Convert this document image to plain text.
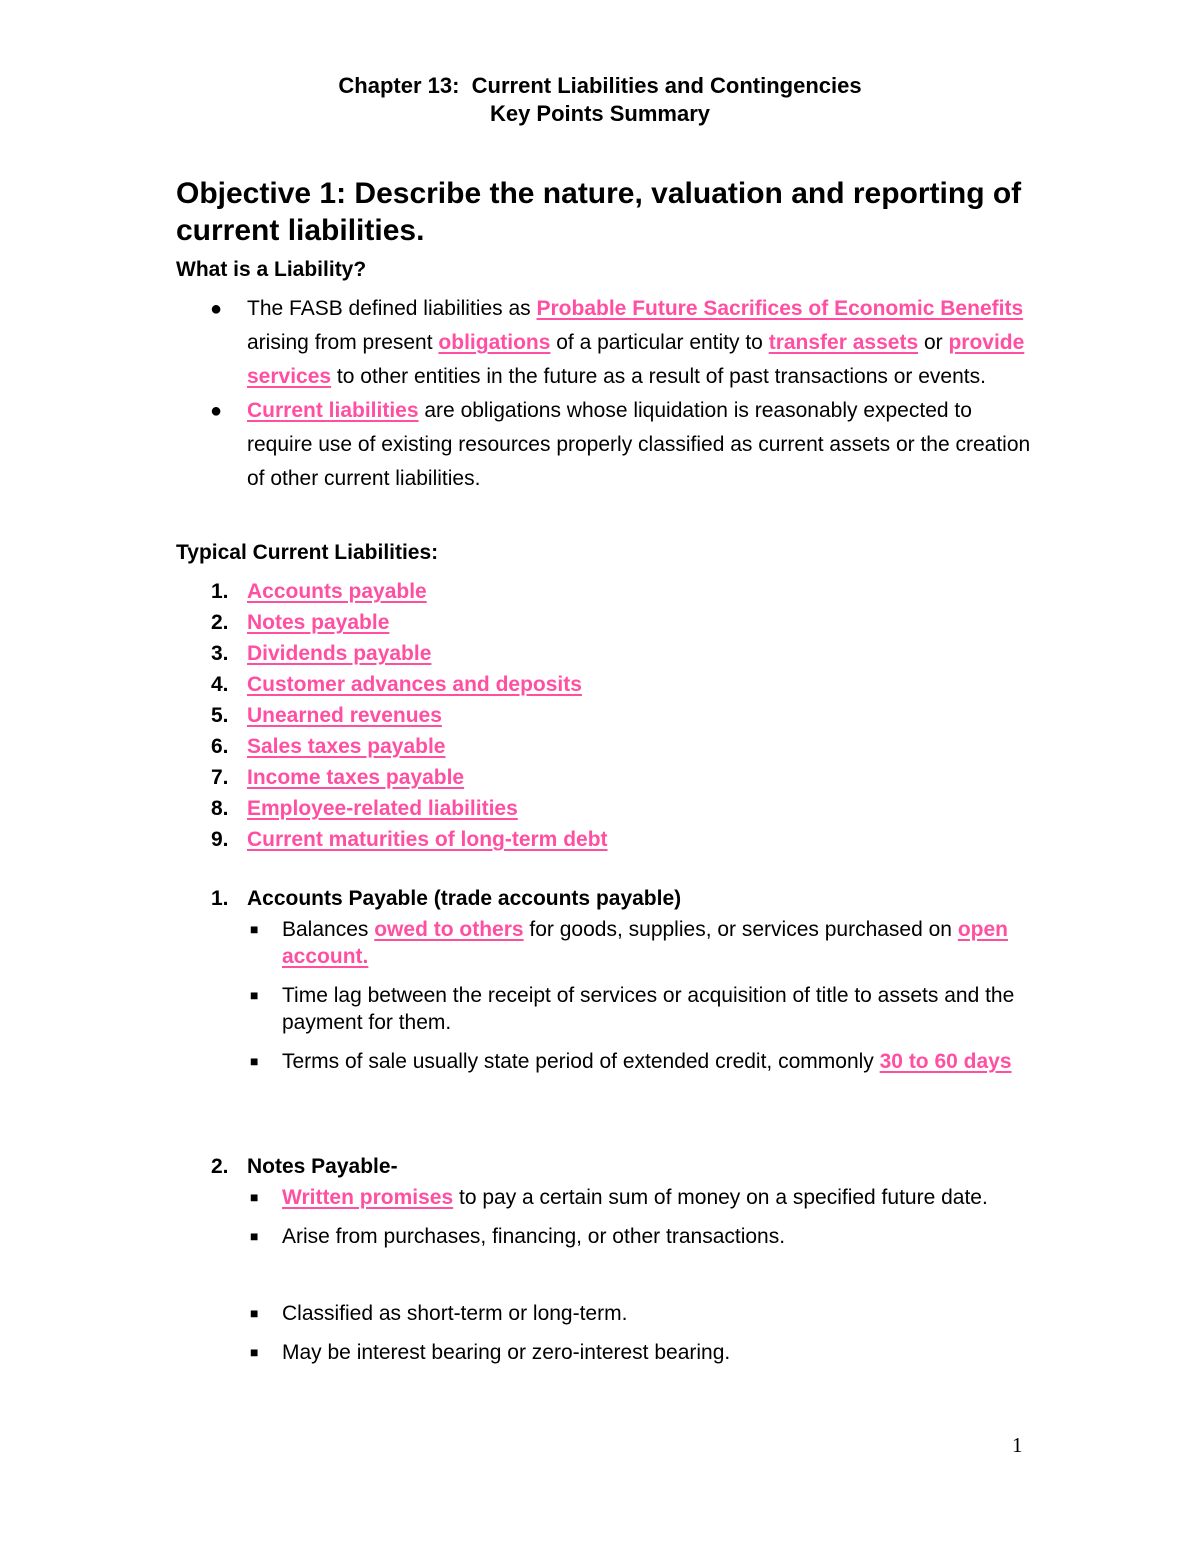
Chapter 13:  Current Liabilities and Contingencies
Key Points Summary
Objective 1: Describe the nature, valuation and reporting of current liabilities.
What is a Liability?
● The FASB defined liabilities as Probable Future Sacrifices of Economic Benefits arising from present obligations of a particular entity to transfer assets or provide services to other entities in the future as a result of past transactions or events.
● Current liabilities are obligations whose liquidation is reasonably expected to require use of existing resources properly classified as current assets or the creation of other current liabilities.
Typical Current Liabilities:
1. Accounts payable
2. Notes payable
3. Dividends payable
4. Customer advances and deposits
5. Unearned revenues
6. Sales taxes payable
7. Income taxes payable
8. Employee-related liabilities
9. Current maturities of long-term debt
1. Accounts Payable (trade accounts payable)
■ Balances owed to others for goods, supplies, or services purchased on open account.
■ Time lag between the receipt of services or acquisition of title to assets and the payment for them.
■ Terms of sale usually state period of extended credit, commonly 30 to 60 days
2. Notes Payable-
■ Written promises to pay a certain sum of money on a specified future date.
■ Arise from purchases, financing, or other transactions.
■ Classified as short-term or long-term.
■ May be interest bearing or zero-interest bearing.
1
